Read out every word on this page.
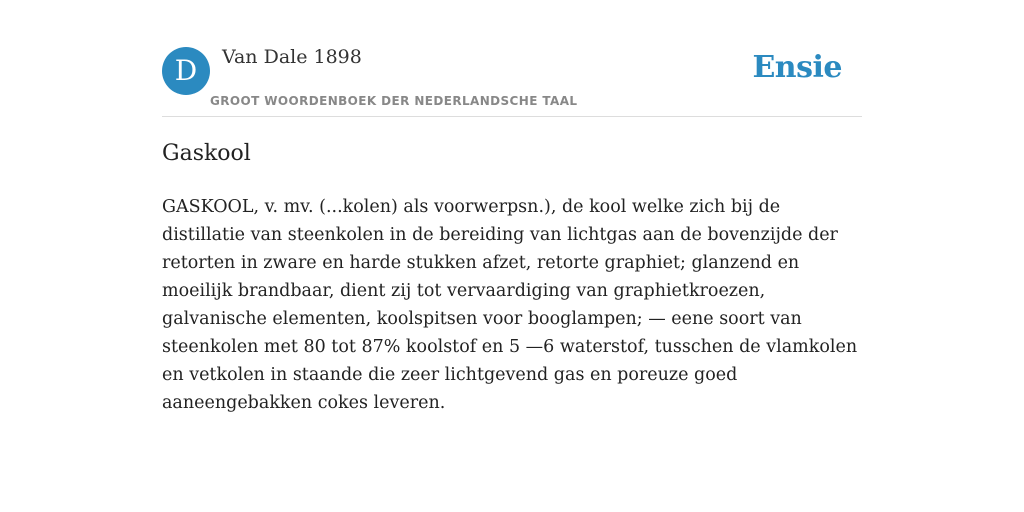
D	Van Dale 1898
GROOT WOORDENBOEK DER NEDERLANDSCHE TAAL
Ensie
Gaskool

GASKOOL, v. mv. (...kolen) als voorwerpsn.), de kool welke zich bij de distillatie van steenkolen in de bereiding van lichtgas aan de bovenzijde der retorten in zware en harde stukken afzet, retorte graphiet; glanzend en moeilijk brandbaar, dient zij tot vervaardiging van graphietkroezen, galvanische elementen, koolspitsen voor booglampen; — eene soort van steenkolen met 80 tot 87% koolstof en 5 —6 waterstof, tusschen de vlamkolen en vetkolen in staande die zeer lichtgevend gas en poreuze goed aaneengebakken cokes leveren.
